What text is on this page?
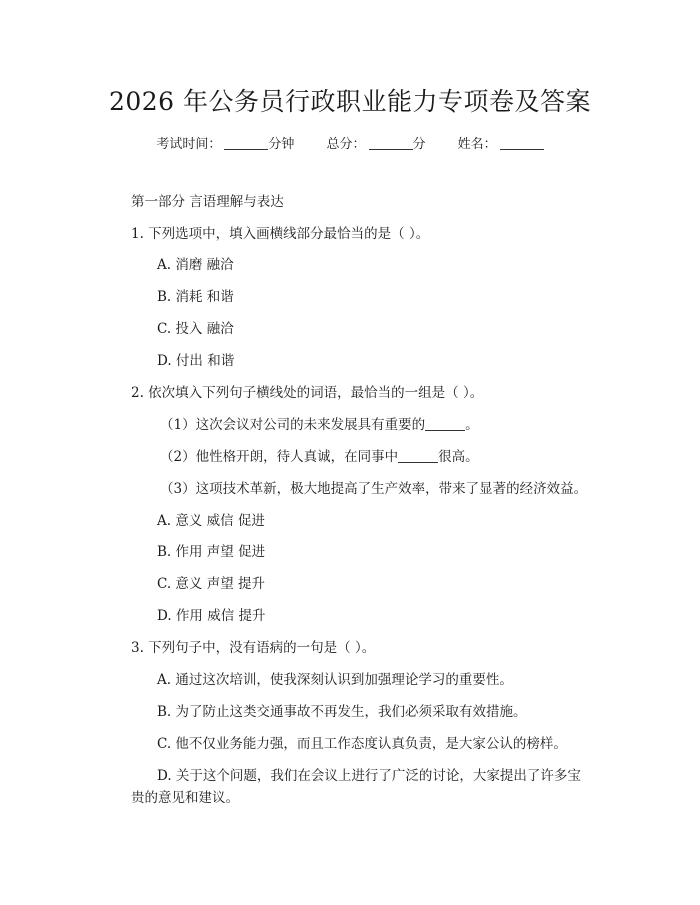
2026 年公务员行政职业能力专项卷及答案
考试时间：	分钟 总分：	分 姓名：
第一部分 言语理解与表达
1. 下列选项中，填入画横线部分最恰当的是（ ）。
A. 消磨 融洽
B. 消耗 和谐
C. 投入 融洽
D. 付出 和谐
2. 依次填入下列句子横线处的词语，最恰当的一组是（ ）。
（1）这次会议对公司的未来发展具有重要的	。
（2）他性格开朗，待人真诚，在同事中	很高。
（3）这项技术革新，极大地提高了生产效率，带来了显著的经济效益。
A. 意义 威信 促进
B. 作用 声望 促进
C. 意义 声望 提升
D. 作用 威信 提升
3. 下列句子中，没有语病的一句是（ ）。
A. 通过这次培训，使我深刻认识到加强理论学习的重要性。
B. 为了防止这类交通事故不再发生，我们必须采取有效措施。
C. 他不仅业务能力强，而且工作态度认真负责，是大家公认的榜样。
D. 关于这个问题，我们在会议上进行了广泛的讨论，大家提出了许多宝
贵的意见和建议。
